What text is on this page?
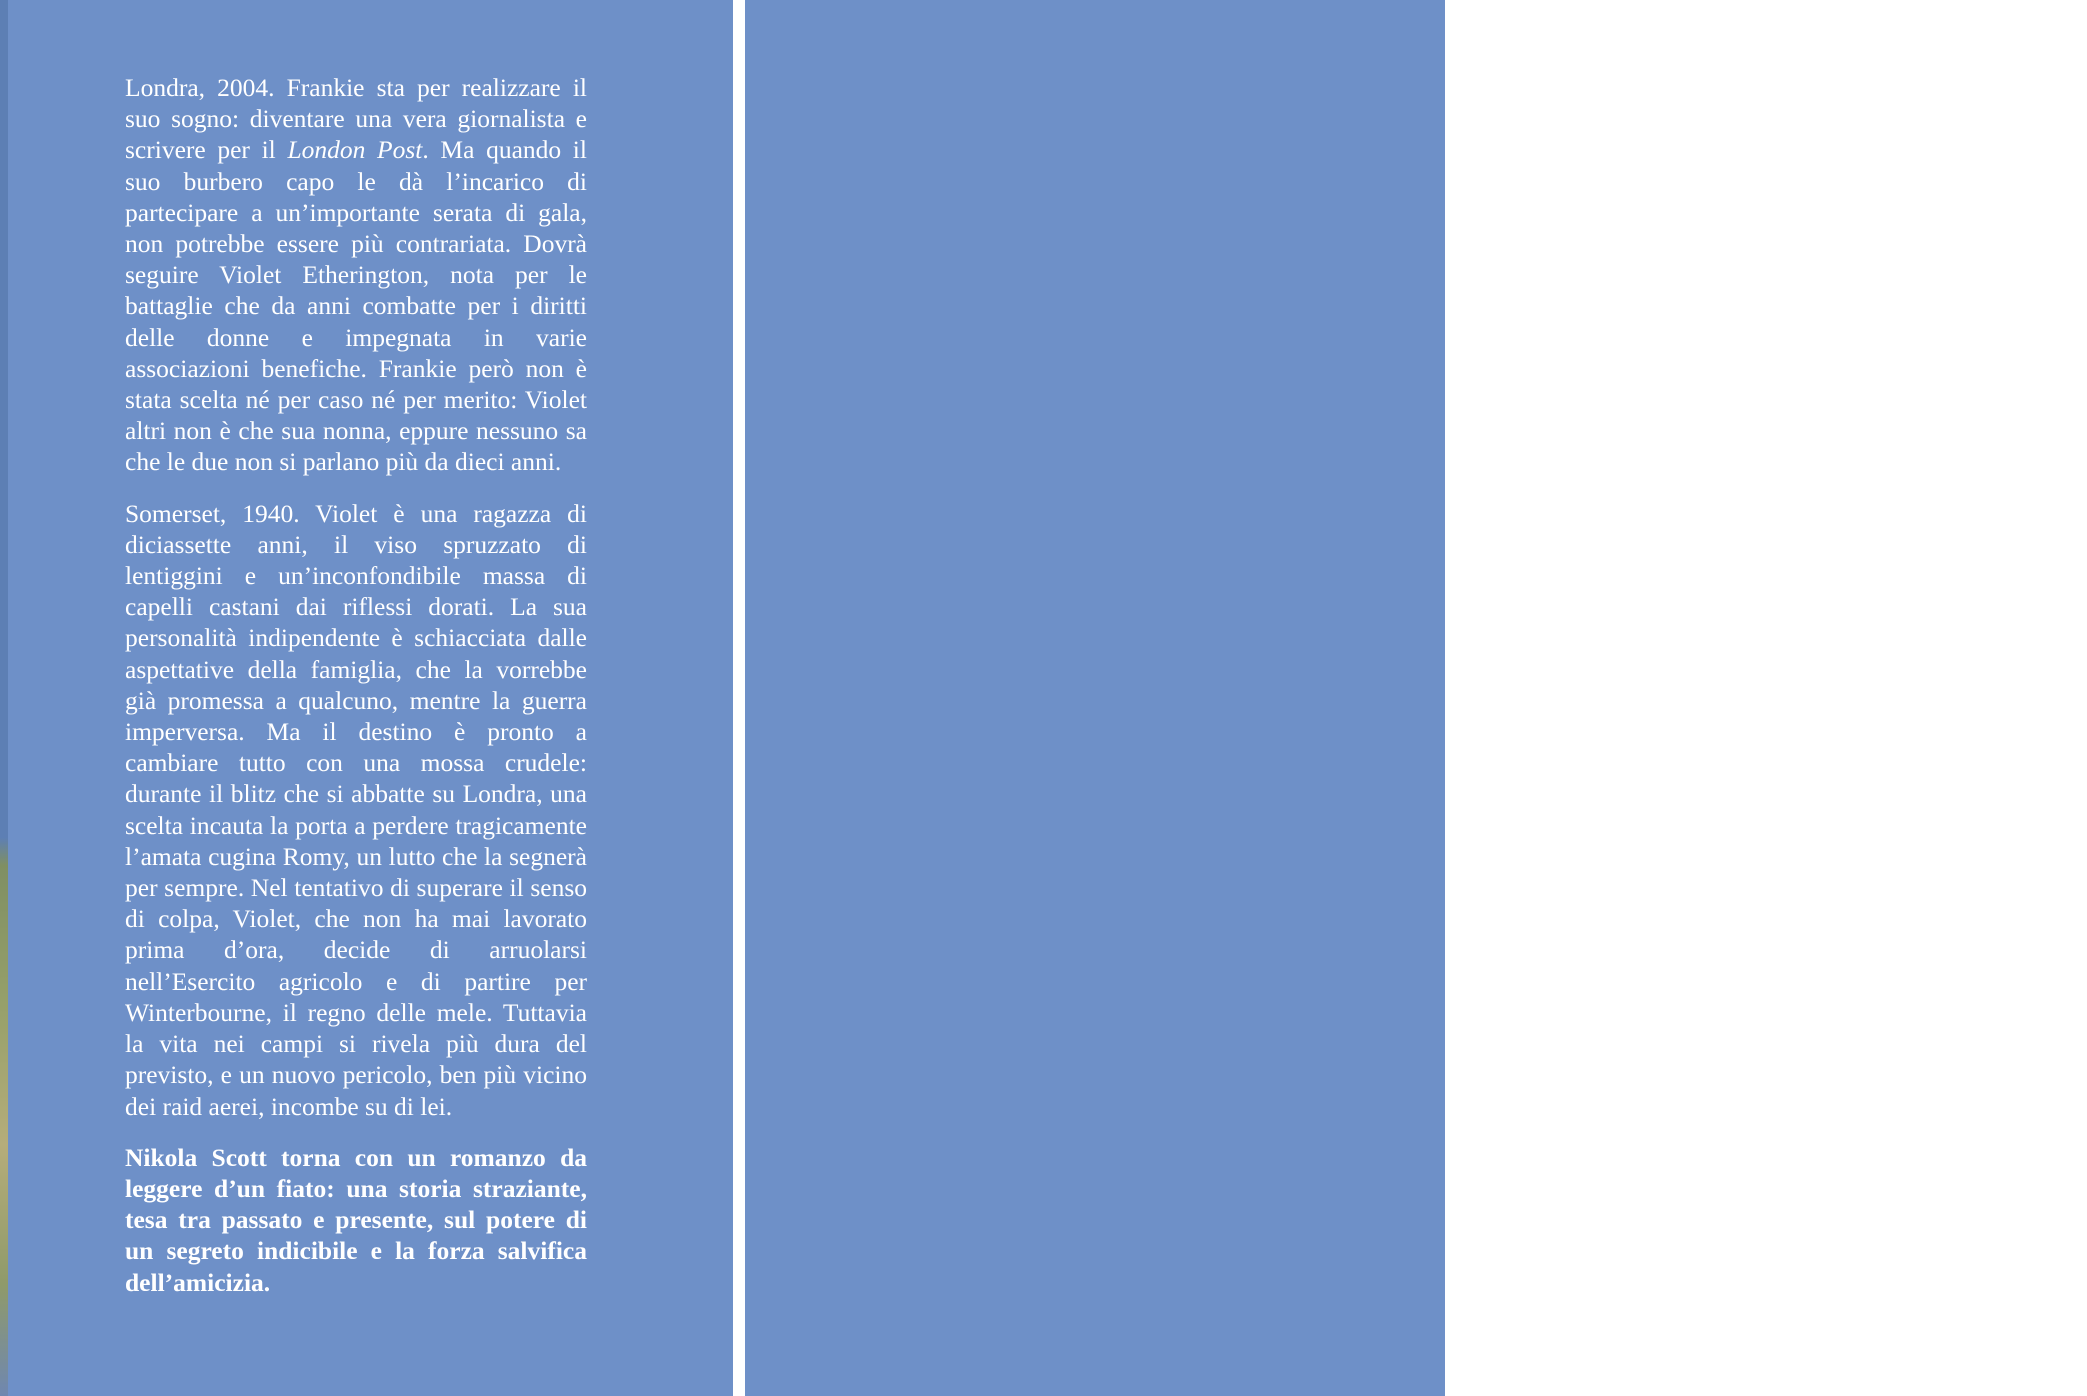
Londra, 2004. Frankie sta per realizzare il suo sogno: diventare una vera giornalista e scrivere per il London Post. Ma quando il suo burbero capo le dà l’incarico di partecipare a un’importante serata di gala, non potrebbe essere più contrariata. Dovrà seguire Violet Etherington, nota per le battaglie che da anni combatte per i diritti delle donne e impegnata in varie associazioni benefiche. Frankie però non è stata scelta né per caso né per merito: Violet altri non è che sua nonna, eppure nessuno sa che le due non si parlano più da dieci anni.

Somerset, 1940. Violet è una ragazza di diciassette anni, il viso spruzzato di lentiggini e un’inconfondibile massa di capelli castani dai riflessi dorati. La sua personalità indipendente è schiacciata dalle aspettative della famiglia, che la vorrebbe già promessa a qualcuno, mentre la guerra imperversa. Ma il destino è pronto a cambiare tutto con una mossa crudele: durante il blitz che si abbatte su Londra, una scelta incauta la porta a perdere tragicamente l’amata cugina Romy, un lutto che la segnerà per sempre. Nel tentativo di superare il senso di colpa, Violet, che non ha mai lavorato prima d’ora, decide di arruolarsi nell’Esercito agricolo e di partire per Winterbourne, il regno delle mele. Tuttavia la vita nei campi si rivela più dura del previsto, e un nuovo pericolo, ben più vicino dei raid aerei, incombe su di lei.

Nikola Scott torna con un romanzo da leggere d’un fiato: una storia straziante, tesa tra passato e presente, sul potere di un segreto indicibile e la forza salvifica dell’amicizia.

NIKOLA SCOTT
è nata e cresciuta in Germania. L’amore per i libri l’ha portata a lavorare come editor prima a New York e poi a Londra. Attualmente vive a Francoforte con il marito e i due figli e si dedica a tempo pieno alla scrittura. Per Giunti ha pubblicato Le rose di Elizabeth (2018) e L’estate dei segreti (2019).
www.giunti.it
Disponibile anche in versione ebook
Progetto grafico: Rocío Isabel González
Fotografia in copertina: elaborazione digitale da
© Rekha Arcangel / Arcangel
